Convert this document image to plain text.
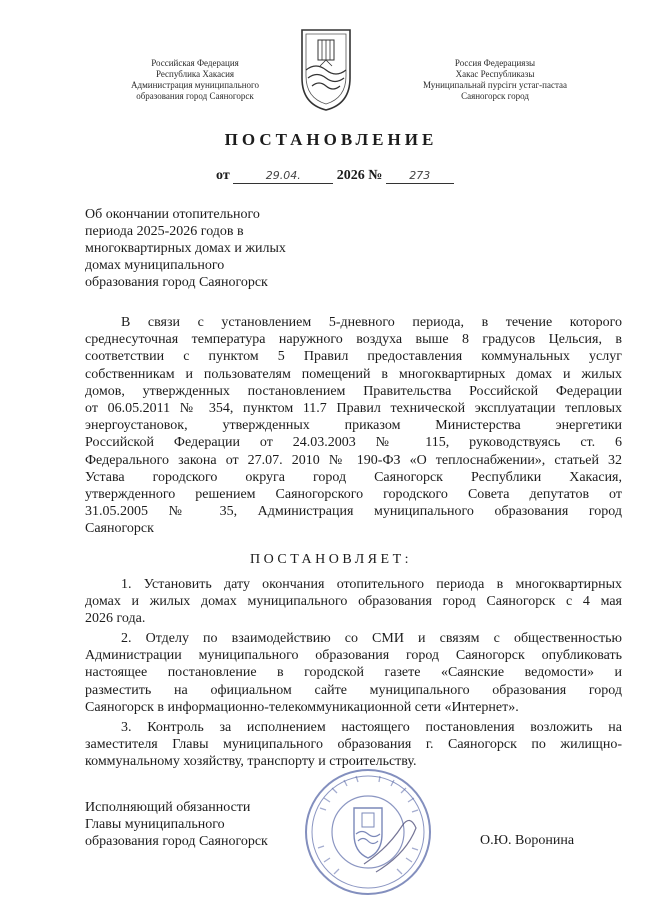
Российская Федерация
Республика Хакасия
Администрация муниципального
образования город Саяногорск
Россия Федерациязы
Хакас Республиказы
Муниципальнай пурсiгн устаг-пастаа
Саяногорск город
ПОСТАНОВЛЕНИЕ
от	29.04.	2026 № 273
Об окончании отопительного
периода 2025-2026 годов в
многоквартирных домах и жилых
домах муниципального
образования город Саяногорск
В связи с установлением 5-дневного периода, в течение которого
среднесуточная температура наружного воздуха выше 8 градусов Цельсия, в
соответствии с пунктом 5 Правил предоставления коммунальных услуг
собственникам и пользователям помещений в многоквартирных домах и жилых
домов, утвержденных постановлением Правительства Российской Федерации
от 06.05.2011 № 354, пунктом 11.7 Правил технической эксплуатации тепловых
энергоустановок, утвержденных приказом Министерства энергетики
Российской Федерации от 24.03.2003 № 115, руководствуясь ст. 6
Федерального закона от 27.07. 2010 № 190-ФЗ «О теплоснабжении», статьей 32
Устава городского округа город Саяногорск Республики Хакасия,
утвержденного решением Саяногорского городского Совета депутатов от
31.05.2005 № 35, Администрация муниципального образования город
Саяногорск
ПОСТАНОВЛЯЕТ:
1. Установить дату окончания отопительного периода в многоквартирных
домах и жилых домах муниципального образования город Саяногорск с 4 мая
2026 года.
2. Отделу по взаимодействию со СМИ и связям с общественностью
Администрации муниципального образования город Саяногорск опубликовать
настоящее постановление в городской газете «Саянские ведомости» и
разместить на официальном сайте муниципального образования город
Саяногорск в информационно-телекоммуникационной сети «Интернет».
3. Контроль за исполнением настоящего постановления возложить на
заместителя Главы муниципального образования г. Саяногорск по жилищно-
коммунальному хозяйству, транспорту и строительству.
Исполняющий обязанности
Главы муниципального
образования город Саяногорск	О.Ю. Воронина
